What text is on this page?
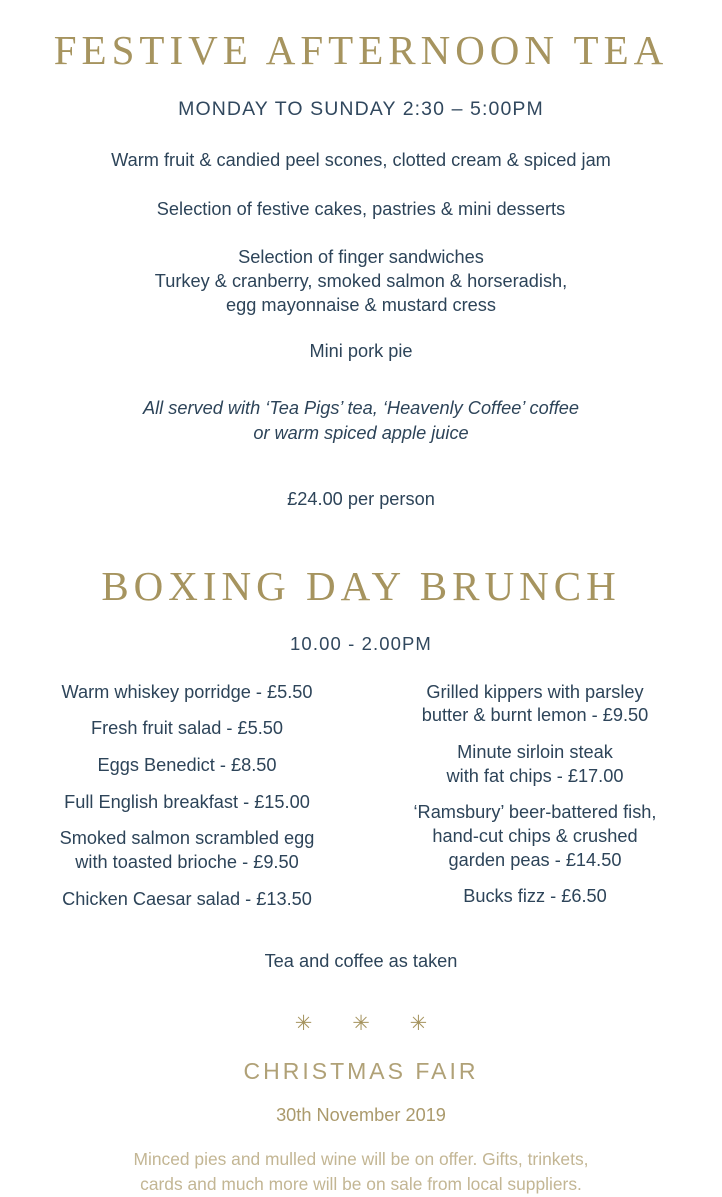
FESTIVE AFTERNOON TEA
MONDAY TO SUNDAY 2:30 – 5:00PM
Warm fruit & candied peel scones, clotted cream & spiced jam
Selection of festive cakes, pastries & mini desserts
Selection of finger sandwiches
Turkey & cranberry, smoked salmon & horseradish,
egg mayonnaise & mustard cress
Mini pork pie
All served with ‘Tea Pigs’ tea, ‘Heavenly Coffee’ coffee
or warm spiced apple juice
£24.00 per person
BOXING DAY BRUNCH
10.00 - 2.00PM
Warm whiskey porridge - £5.50
Fresh fruit salad - £5.50
Eggs Benedict - £8.50
Full English breakfast - £15.00
Smoked salmon scrambled egg
with toasted brioche - £9.50
Chicken Caesar salad - £13.50
Grilled kippers with parsley
butter & burnt lemon - £9.50
Minute sirloin steak
with fat chips - £17.00
‘Ramsbury’ beer-battered fish,
hand-cut chips & crushed
garden peas - £14.50
Bucks fizz - £6.50
Tea and coffee as taken
✳ ✳ ✳
CHRISTMAS FAIR
30th November 2019
Minced pies and mulled wine will be on offer. Gifts, trinkets,
cards and much more will be on sale from local suppliers.
